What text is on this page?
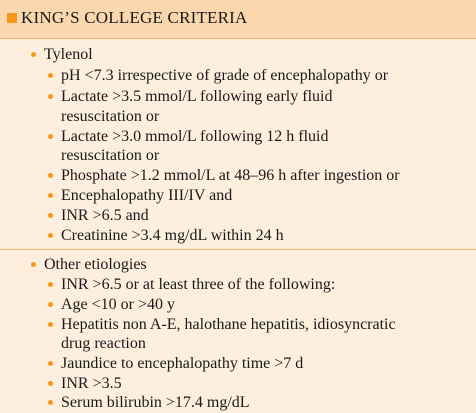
KING’S COLLEGE CRITERIA
Tylenol
pH <7.3 irrespective of grade of encephalopathy or
Lactate >3.5 mmol/L following early fluid
resuscitation or
Lactate >3.0 mmol/L following 12 h fluid
resuscitation or
Phosphate >1.2 mmol/L at 48–96 h after ingestion or
Encephalopathy III/IV and
INR >6.5 and
Creatinine >3.4 mg/dL within 24 h
Other etiologies
INR >6.5 or at least three of the following:
Age <10 or >40 y
Hepatitis non A-E, halothane hepatitis, idiosyncratic
drug reaction
Jaundice to encephalopathy time >7 d
INR >3.5
Serum bilirubin >17.4 mg/dL
